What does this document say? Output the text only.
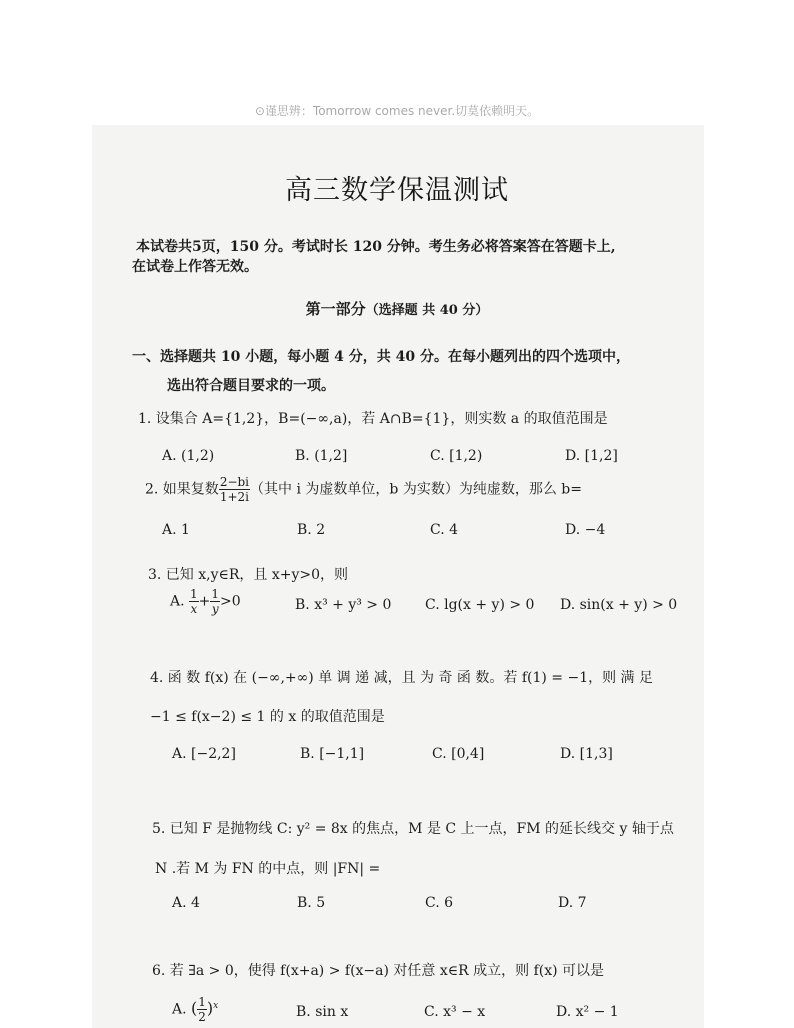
⊙谨思辨：Tomorrow comes never.切莫依赖明天。
高三数学保温测试
本试卷共5页，150 分。考试时长 120 分钟。考生务必将答案答在答题卡上,
在试卷上作答无效。
第一部分（选择题 共 40 分）
一、选择题共 10 小题，每小题 4 分，共 40 分。在每小题列出的四个选项中，
选出符合题目要求的一项。
1. 设集合 A={1,2}，B=(−∞,a)，若 A∩B={1}，则实数 a 的取值范围是
A. (1,2)	B. (1,2]	C. [1,2)	D. [1,2]
2. 如果复数 $\frac{2-bi}{1+2i}$ （其中 i 为虚数单位，b 为实数）为纯虚数，那么 b=
A. 1	B. 2	C. 4	D. −4
3. 已知 x,y∈R，且 x+y>0，则
A. $\frac{1}{x} + \frac{1}{y} >0$	B. x³ + y³ > 0 C. lg(x + y) > 0 D. sin(x + y) > 0
4. 函 数 f(x) 在 (−∞,+∞) 单 调 递 减，且 为 奇 函 数。若 f(1) = −1，则 满 足
−1 ≤ f(x−2) ≤ 1 的 x 的取值范围是
A. [−2,2]	B. [−1,1]	C. [0,4]	D. [1,3]
5. 已知 F 是抛物线 C: y² = 8x 的焦点，M 是 C 上一点，FM 的延长线交 y 轴于点
N .若 M 为 FN 的中点，则 |FN| =
A. 4	B. 5	C. 6	D. 7
6. 若 ∃a > 0，使得 f(x+a) > f(x−a) 对任意 x∈R 成立，则 f(x) 可以是
A. ( $\frac{1}{2} )^x$	B. sin x	C. x³ − x	D. x² − 1
